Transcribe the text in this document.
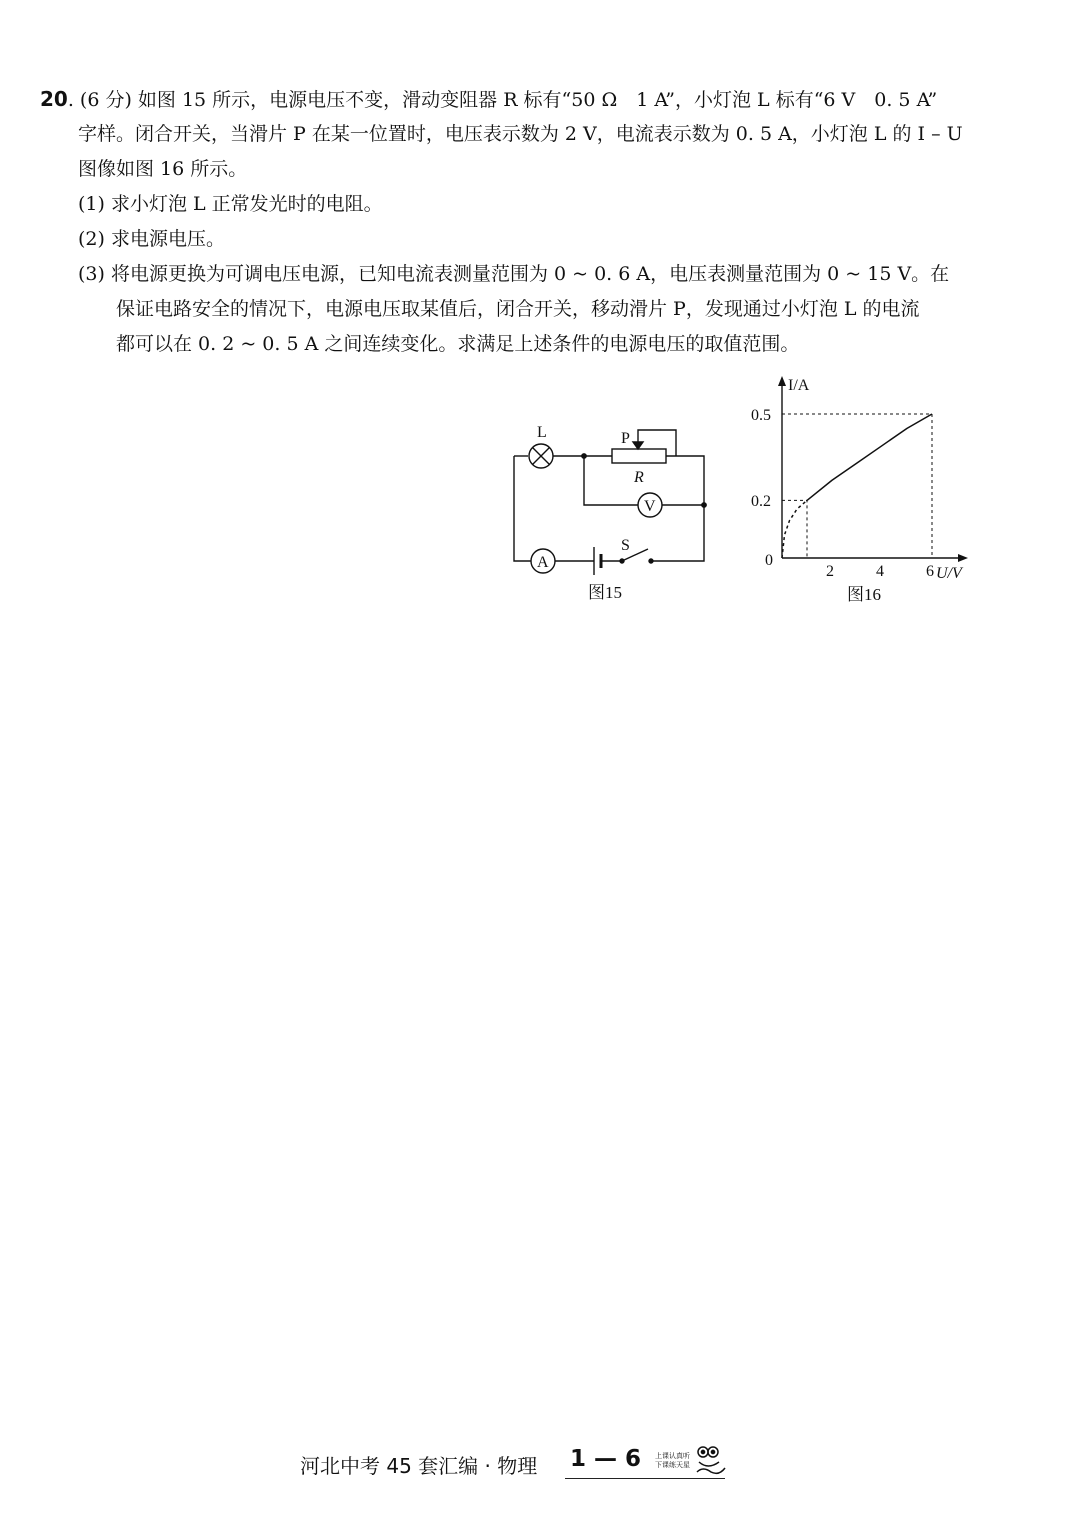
20. (6 分) 如图 15 所示，电源电压不变，滑动变阻器 R 标有“50 Ω　1 A”，小灯泡 L 标有“6 V　0. 5 A”
字样。闭合开关，当滑片 P 在某一位置时，电压表示数为 2 V，电流表示数为 0. 5 A，小灯泡 L 的 I – U
图像如图 16 所示。
(1) 求小灯泡 L 正常发光时的电阻。
(2) 求电源电压。
(3) 将电源更换为可调电压电源，已知电流表测量范围为 0 ~ 0. 6 A，电压表测量范围为 0 ~ 15 V。在
保证电路安全的情况下，电源电压取某值后，闭合开关，移动滑片 P，发现通过小灯泡 L 的电流
都可以在 0. 2 ~ 0. 5 A 之间连续变化。求满足上述条件的电源电压的取值范围。
L
R
P
V
A
S
图15
I/A
U/V
0
2	4	6
0.2
0.5
图16
河北中考 45 套汇编 · 物理 1 — 6 上课认真听
下课练天星
